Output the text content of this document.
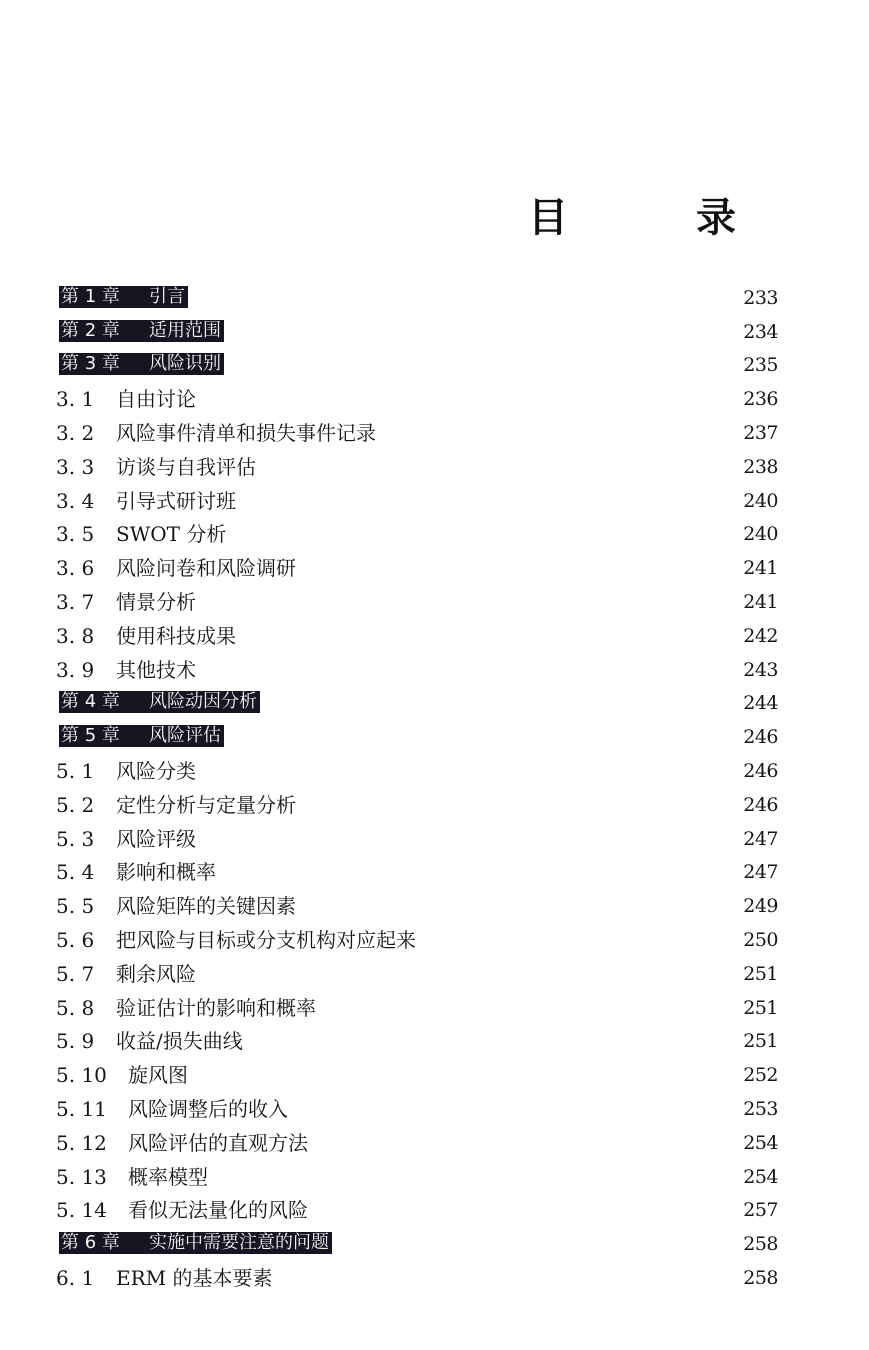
目　录
第 1 章 引言	233
第 2 章 适用范围	234
第 3 章 风险识别	235
3. 1 自由讨论	236
3. 2 风险事件清单和损失事件记录	237
3. 3 访谈与自我评估	238
3. 4 引导式研讨班	240
3. 5 SWOT 分析	240
3. 6 风险问卷和风险调研	241
3. 7 情景分析	241
3. 8 使用科技成果	242
3. 9 其他技术	243
第 4 章 风险动因分析	244
第 5 章 风险评估	246
5. 1 风险分类	246
5. 2 定性分析与定量分析	246
5. 3 风险评级	247
5. 4 影响和概率	247
5. 5 风险矩阵的关键因素	249
5. 6 把风险与目标或分支机构对应起来	250
5. 7 剩余风险	251
5. 8 验证估计的影响和概率	251
5. 9 收益/损失曲线	251
5. 10 旋风图	252
5. 11 风险调整后的收入	253
5. 12 风险评估的直观方法	254
5. 13 概率模型	254
5. 14 看似无法量化的风险	257
第 6 章 实施中需要注意的问题	258
6. 1 ERM 的基本要素	258
